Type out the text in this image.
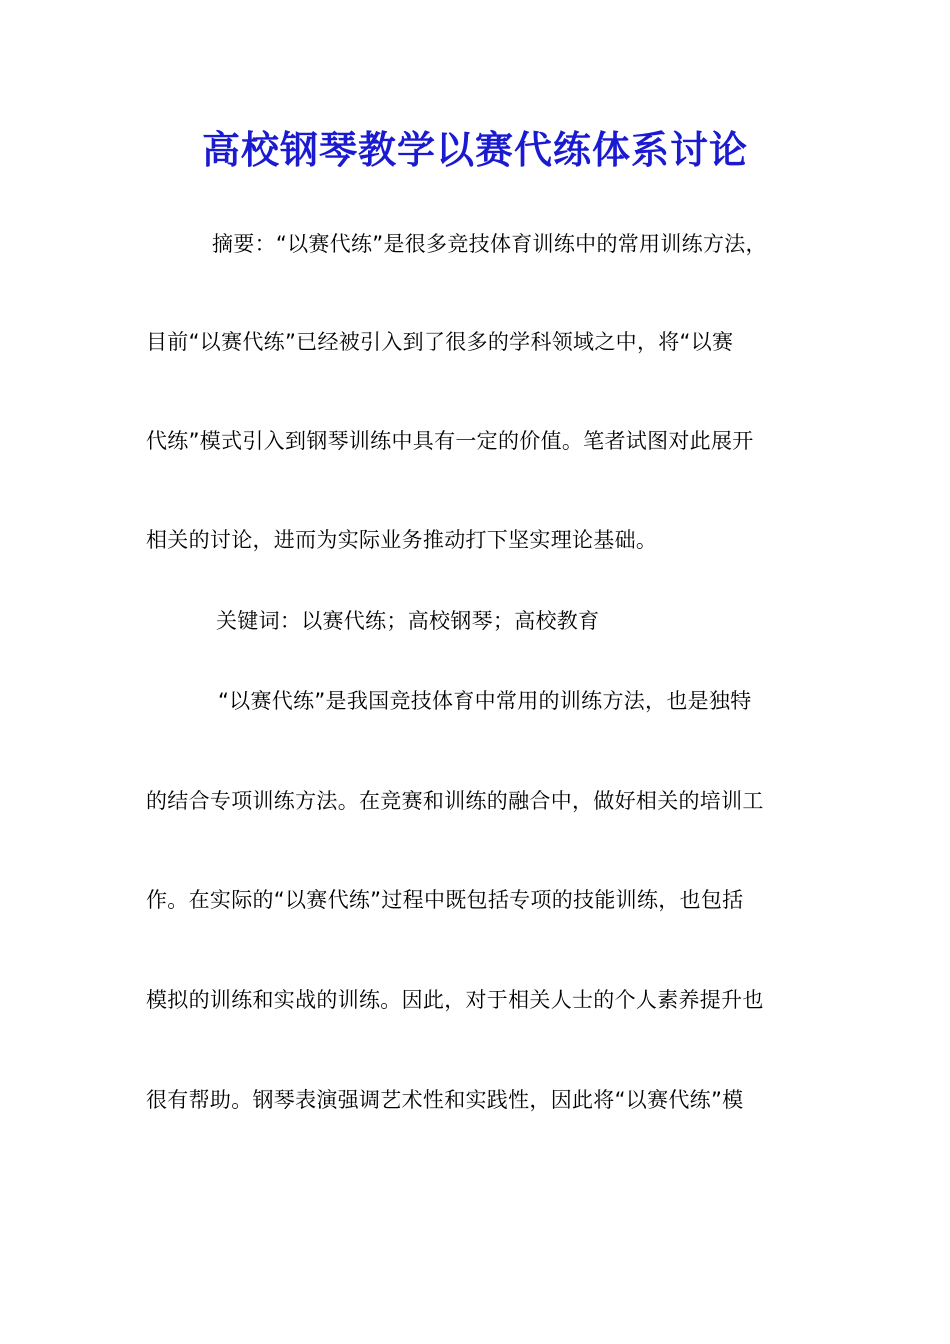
高校钢琴教学以赛代练体系讨论

摘要：“以赛代练”是很多竞技体育训练中的常用训练方法，

目前“以赛代练”已经被引入到了很多的学科领域之中，将“以赛

代练”模式引入到钢琴训练中具有一定的价值。笔者试图对此展开

相关的讨论，进而为实际业务推动打下坚实理论基础。

关键词：以赛代练；高校钢琴；高校教育

“以赛代练”是我国竞技体育中常用的训练方法，也是独特

的结合专项训练方法。在竞赛和训练的融合中，做好相关的培训工

作。在实际的“以赛代练”过程中既包括专项的技能训练，也包括

模拟的训练和实战的训练。因此，对于相关人士的个人素养提升也

很有帮助。钢琴表演强调艺术性和实践性，因此将“以赛代练”模
